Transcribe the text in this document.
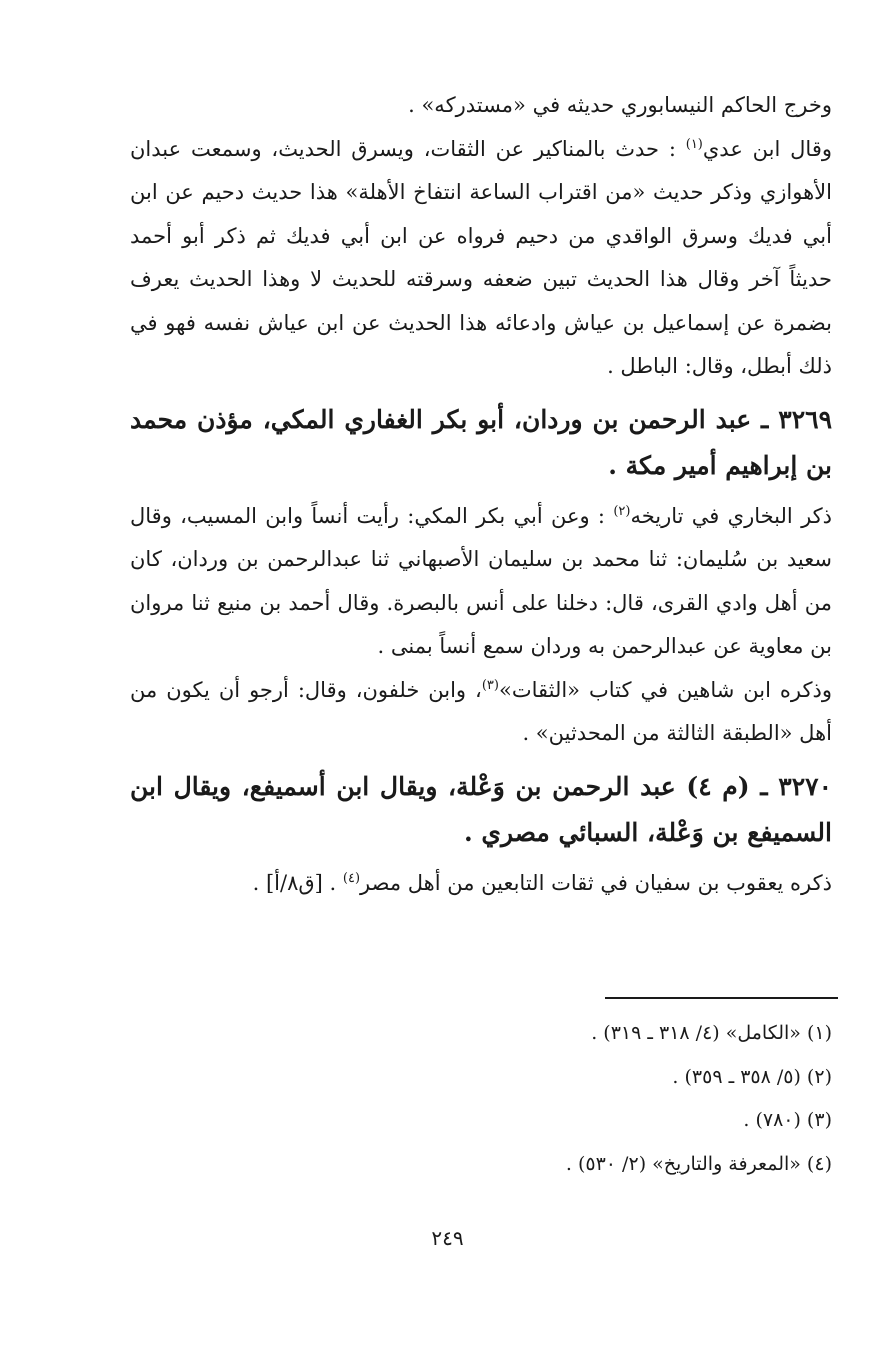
وخرج الحاكم النيسابوري حديثه في «مستدركه» .

وقال ابن عدي$^{(١)}$ : حدث بالمناكير عن الثقات، ويسرق الحديث، وسمعت عبدان الأهوازي وذكر حديث «من اقتراب الساعة انتفاخ الأهلة» هذا حديث دحيم عن ابن أبي فديك وسرق الواقدي من دحيم فرواه عن ابن أبي فديك ثم ذكر أبو أحمد حديثاً آخر وقال هذا الحديث تبين ضعفه وسرقته للحديث لا وهذا الحديث يعرف بضمرة عن إسماعيل بن عياش وادعائه هذا الحديث عن ابن عياش نفسه فهو في ذلك أبطل، وقال: الباطل .

٣٢٦٩ ـ عبد الرحمن بن وردان، أبو بكر الغفاري المكي، مؤذن محمد بن إبراهيم أمير مكة .

ذكر البخاري في تاريخه$^{(٢)}$ : وعن أبي بكر المكي: رأيت أنساً وابن المسيب، وقال سعيد بن سُليمان: ثنا محمد بن سليمان الأصبهاني ثنا عبدالرحمن بن وردان، كان من أهل وادي القرى، قال: دخلنا على أنس بالبصرة. وقال أحمد بن منيع ثنا مروان بن معاوية عن عبدالرحمن به وردان سمع أنساً بمنى .

وذكره ابن شاهين في كتاب «الثقات»$^{(٣)}$، وابن خلفون، وقال: أرجو أن يكون من أهل «الطبقة الثالثة من المحدثين» .

٣٢٧٠ ـ (م ٤) عبد الرحمن بن وَعْلة، ويقال ابن أسميفع، ويقال ابن السميفع بن وَعْلة، السبائي مصري .

ذكره يعقوب بن سفيان في ثقات التابعين من أهل مصر$^{(٤)}$ . [ق٨/أ] .

(١) «الكامل» (٤/ ٣١٨ ـ ٣١٩) .

(٢) (٥/ ٣٥٨ ـ ٣٥٩) .

(٣) (٧٨٠) .

(٤) «المعرفة والتاريخ» (٢/ ٥٣٠) .

٢٤٩
